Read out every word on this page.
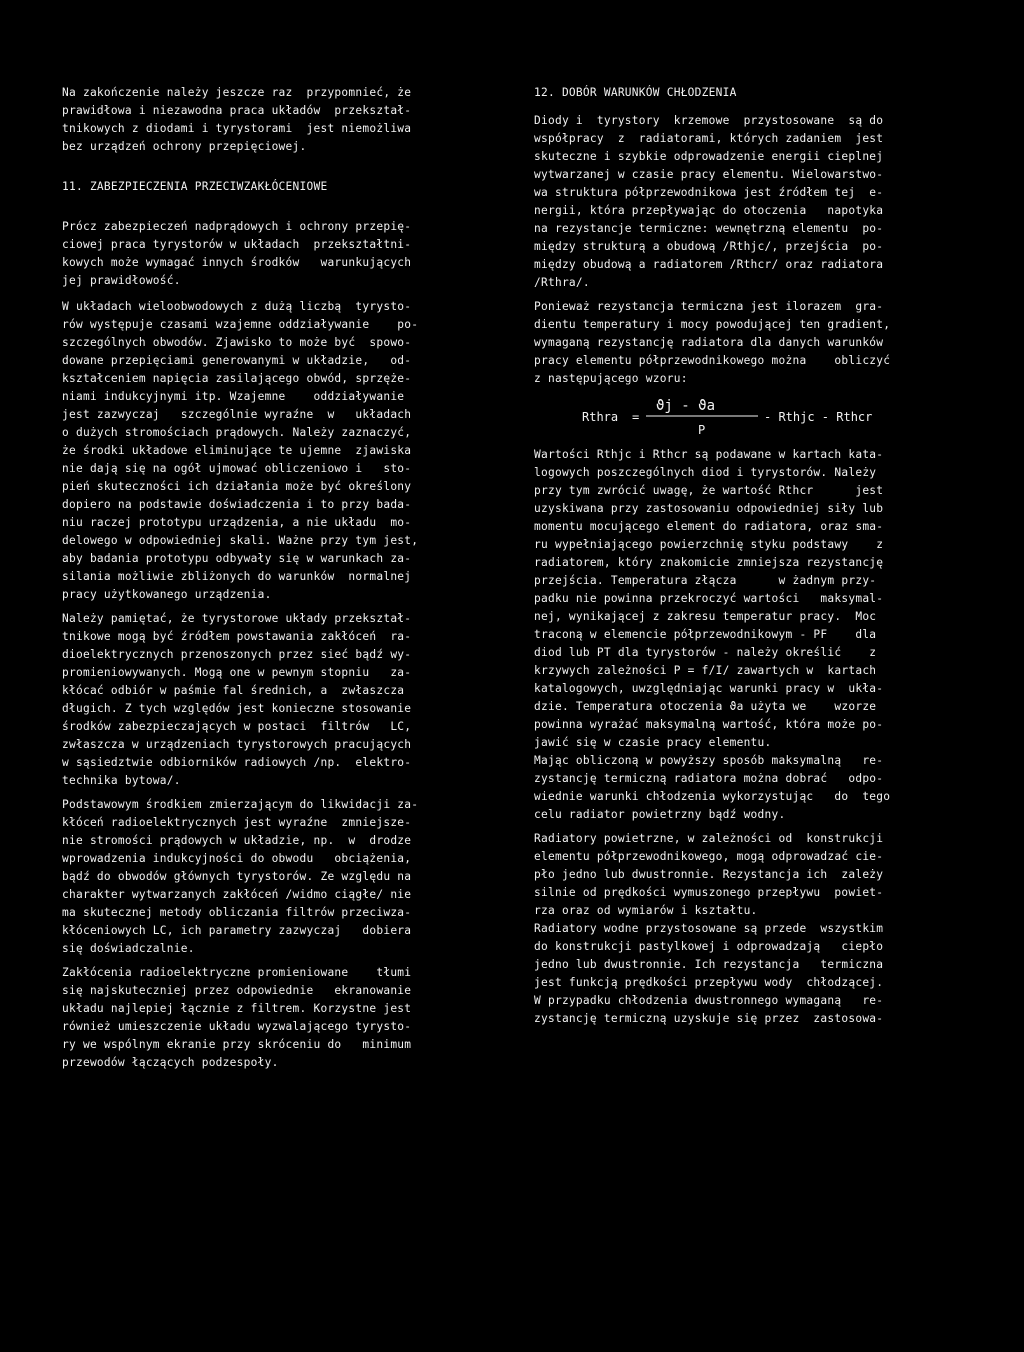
Na zakończenie należy jeszcze raz  przypomnieć, że
prawidłowa i niezawodna praca układów  przekształ-
tnikowych z diodami i tyrystorami  jest niemożliwa
bez urządzeń ochrony przepięciowej.
11. ZABEZPIECZENIA PRZECIWZAKŁÓCENIOWE
Prócz zabezpieczeń nadprądowych i ochrony przepię-
ciowej praca tyrystorów w układach  przekształtni-
kowych może wymagać innych środków   warunkujących
jej prawidłowość.
W układach wieloobwodowych z dużą liczbą  tyrysto-
rów występuje czasami wzajemne oddziaływanie    po-
szczególnych obwodów. Zjawisko to może być  spowo-
dowane przepięciami generowanymi w układzie,   od-
kształceniem napięcia zasilającego obwód, sprzęże-
niami indukcyjnymi itp. Wzajemne    oddziaływanie
jest zazwyczaj   szczególnie wyraźne  w   układach
o dużych stromościach prądowych. Należy zaznaczyć,
że środki układowe eliminujące te ujemne  zjawiska
nie dają się na ogół ujmować obliczeniowo i   sto-
pień skuteczności ich działania może być określony
dopiero na podstawie doświadczenia i to przy bada-
niu raczej prototypu urządzenia, a nie układu  mo-
delowego w odpowiedniej skali. Ważne przy tym jest,
aby badania prototypu odbywały się w warunkach za-
silania możliwie zbliżonych do warunków  normalnej
pracy użytkowanego urządzenia.
Należy pamiętać, że tyrystorowe układy przekształ-
tnikowe mogą być źródłem powstawania zakłóceń  ra-
dioelektrycznych przenoszonych przez sieć bądź wy-
promieniowywanych. Mogą one w pewnym stopniu   za-
kłócać odbiór w paśmie fal średnich, a  zwłaszcza
długich. Z tych względów jest konieczne stosowanie
środków zabezpieczających w postaci  filtrów   LC,
zwłaszcza w urządzeniach tyrystorowych pracujących
w sąsiedztwie odbiorników radiowych /np.  elektro-
technika bytowa/.
Podstawowym środkiem zmierzającym do likwidacji za-
kłóceń radioelektrycznych jest wyraźne  zmniejsze-
nie stromości prądowych w układzie, np.  w  drodze
wprowadzenia indukcyjności do obwodu   obciążenia,
bądź do obwodów głównych tyrystorów. Ze względu na
charakter wytwarzanych zakłóceń /widmo ciągłe/ nie
ma skutecznej metody obliczania filtrów przeciwza-
kłóceniowych LC, ich parametry zazwyczaj   dobiera
się doświadczalnie.
Zakłócenia radioelektryczne promieniowane    tłumi
się najskuteczniej przez odpowiednie   ekranowanie
układu najlepiej łącznie z filtrem. Korzystne jest
również umieszczenie układu wyzwalającego tyrysto-
ry we wspólnym ekranie przy skróceniu do   minimum
przewodów łączących podzespoły.
12. DOBÓR WARUNKÓW CHŁODZENIA
Diody i  tyrystory  krzemowe  przystosowane  są do
współpracy  z  radiatorami, których zadaniem  jest
skuteczne i szybkie odprowadzenie energii cieplnej
wytwarzanej w czasie pracy elementu. Wielowarstwo-
wa struktura półprzewodnikowa jest źródłem tej  e-
nergii, która przepływając do otoczenia   napotyka
na rezystancje termiczne: wewnętrzną elementu  po-
między strukturą a obudową /Rthjc/, przejścia  po-
między obudową a radiatorem /Rthcr/ oraz radiatora
/Rthra/.
Ponieważ rezystancja termiczna jest ilorazem  gra-
dientu temperatury i mocy powodującej ten gradient,
wymaganą rezystancję radiatora dla danych warunków
pracy elementu półprzewodnikowego można    obliczyć
z następującego wzoru:
Rthra =
ϑj - ϑa
P
- Rthjc - Rthcr
Wartości Rthjc i Rthcr są podawane w kartach kata-
logowych poszczególnych diod i tyrystorów. Należy
przy tym zwrócić uwagę, że wartość Rthcr      jest
uzyskiwana przy zastosowaniu odpowiedniej siły lub
momentu mocującego element do radiatora, oraz sma-
ru wypełniającego powierzchnię styku podstawy    z
radiatorem, który znakomicie zmniejsza rezystancję
przejścia. Temperatura złącza      w żadnym przy-
padku nie powinna przekroczyć wartości   maksymal-
nej, wynikającej z zakresu temperatur pracy.  Moc
traconą w elemencie półprzewodnikowym - PF    dla
diod lub PT dla tyrystorów - należy określić    z
krzywych zależności P = f/I/ zawartych w  kartach
katalogowych, uwzględniając warunki pracy w  ukła-
dzie. Temperatura otoczenia ϑa użyta we    wzorze
powinna wyrażać maksymalną wartość, która może po-
jawić się w czasie pracy elementu.
Mając obliczoną w powyższy sposób maksymalną   re-
zystancję termiczną radiatora można dobrać   odpo-
wiednie warunki chłodzenia wykorzystując   do  tego
celu radiator powietrzny bądź wodny.
Radiatory powietrzne, w zależności od  konstrukcji
elementu półprzewodnikowego, mogą odprowadzać cie-
pło jedno lub dwustronnie. Rezystancja ich  zależy
silnie od prędkości wymuszonego przepływu  powiet-
rza oraz od wymiarów i kształtu.
Radiatory wodne przystosowane są przede  wszystkim
do konstrukcji pastylkowej i odprowadzają   ciepło
jedno lub dwustronnie. Ich rezystancja   termiczna
jest funkcją prędkości przepływu wody  chłodzącej.
W przypadku chłodzenia dwustronnego wymaganą   re-
zystancję termiczną uzyskuje się przez  zastosowa-
